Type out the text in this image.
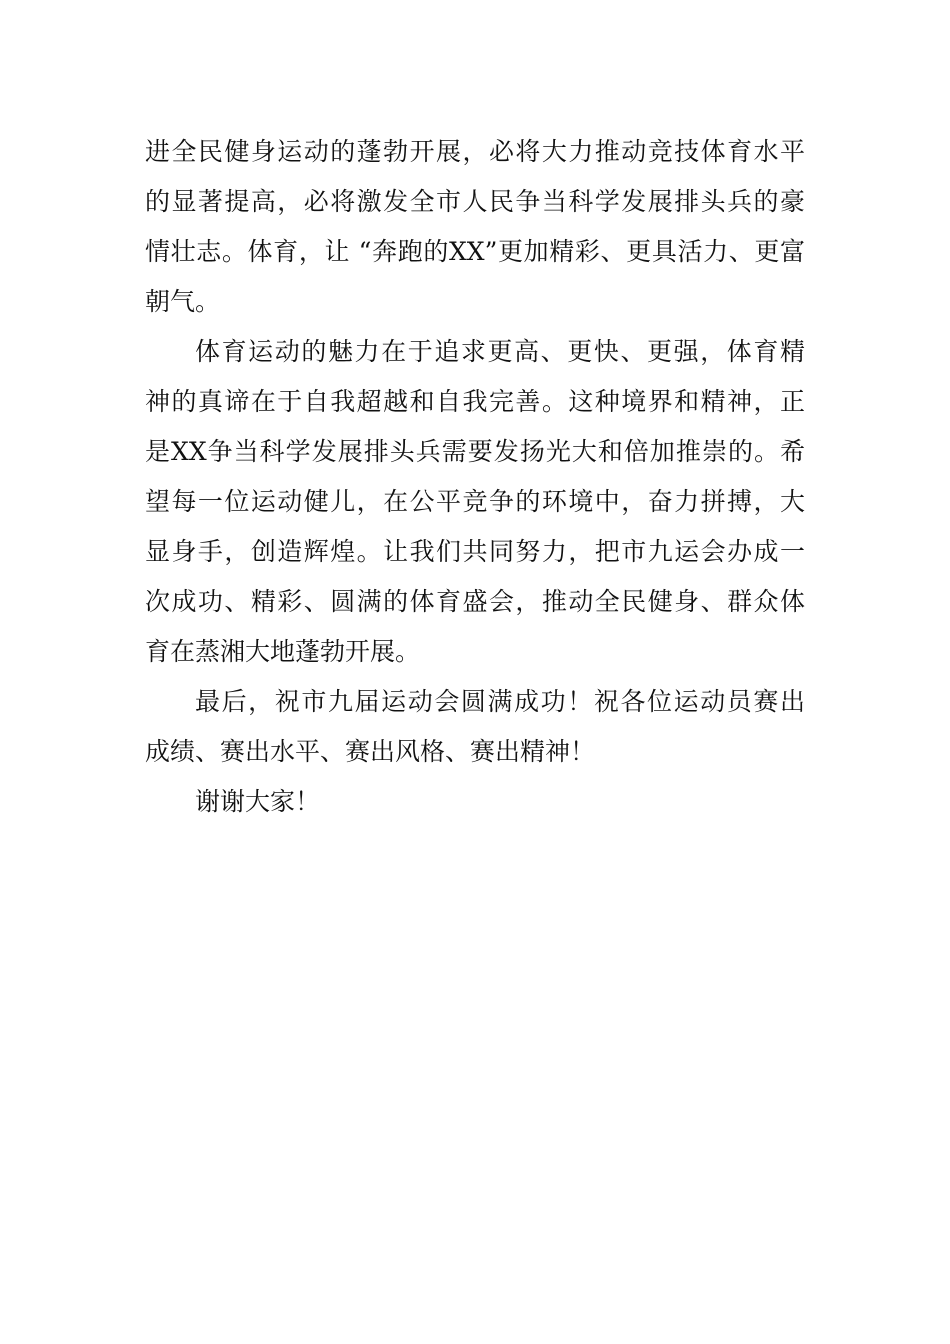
进全民健身运动的蓬勃开展，必将大力推动竞技体育水平
的显著提高，必将激发全市人民争当科学发展排头兵的豪
情壮志。体育，让 “奔跑的XX”更加精彩、更具活力、更富
朝气。
体育运动的魅力在于追求更高、更快、更强，体育精
神的真谛在于自我超越和自我完善。这种境界和精神，正
是XX争当科学发展排头兵需要发扬光大和倍加推崇的。希
望每一位运动健儿，在公平竞争的环境中，奋力拼搏，大
显身手，创造辉煌。让我们共同努力，把市九运会办成一
次成功、精彩、圆满的体育盛会，推动全民健身、群众体
育在蒸湘大地蓬勃开展。
最后，祝市九届运动会圆满成功！祝各位运动员赛出
成绩、赛出水平、赛出风格、赛出精神！
谢谢大家！
